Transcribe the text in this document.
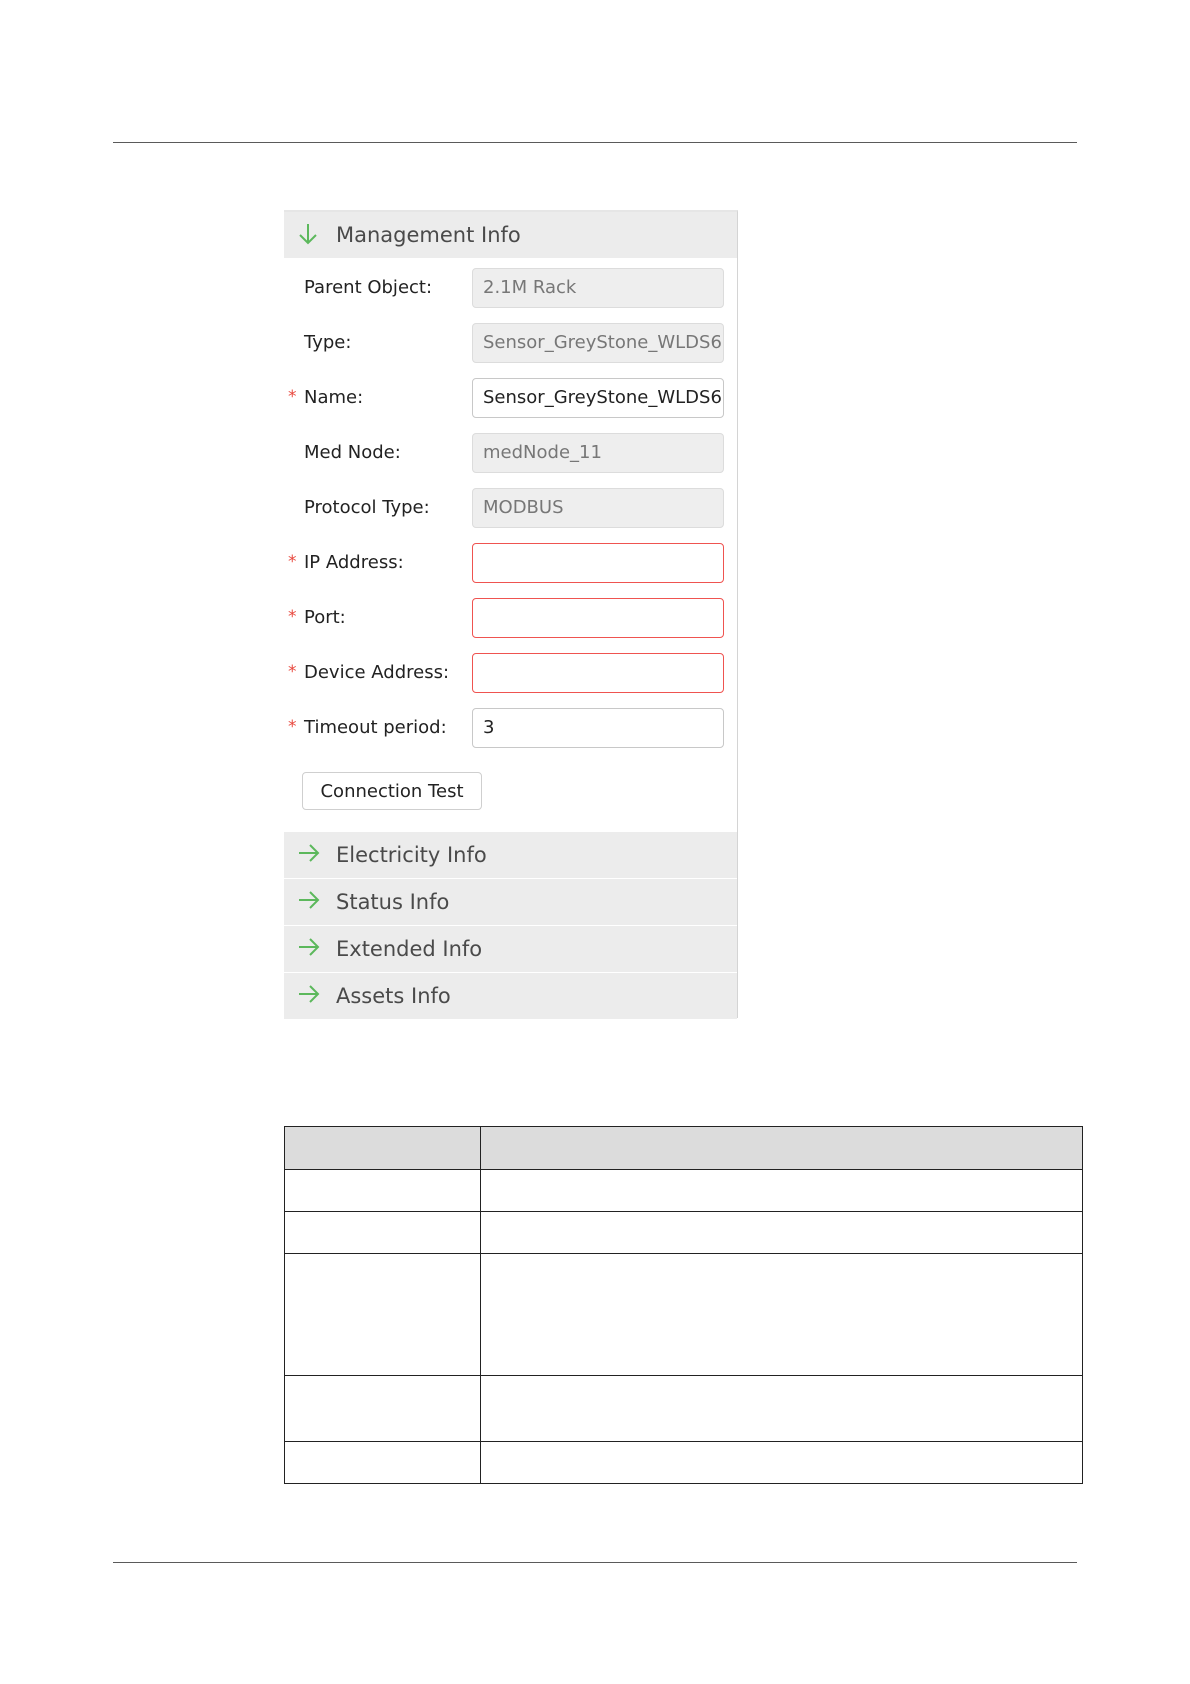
Management Info
Parent Object:	2.1M Rack
Type:	Sensor_GreyStone_WLDS6
* Name:	Sensor_GreyStone_WLDS6
Med Node:	medNode_11
Protocol Type:	MODBUS
* IP Address:
* Port:
* Device Address:
* Timeout period:	3
Connection Test
Electricity Info
Status Info
Extended Info
Assets Info
